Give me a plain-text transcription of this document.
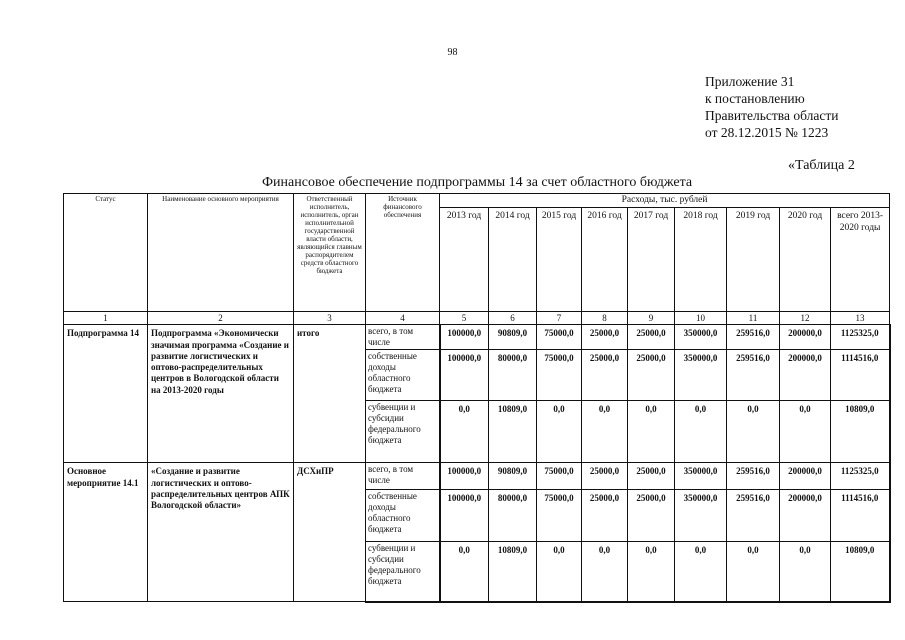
98
Приложение 31
к постановлению
Правительства области
от 28.12.2015 № 1223
«Таблица 2
Финансовое обеспечение подпрограммы 14 за счет областного бюджета
Статус	Наименование основного мероприятия	Ответственный исполнитель, исполнитель, орган исполнительной государственной власти области, являющийся главным распорядителем средств областного бюджета	Источник финансового обеспечения	Расходы, тыс. рублей								
				2013 год	2014 год	2015 год	2016 год	2017 год	2018 год	2019 год	2020 год	всего 2013-2020 годы
1	2	3	4	5	6	7	8	9	10	11	12	13
Подпрограмма 14	Подпрограмма «Экономически значимая программа «Создание и развитие логистических и оптово-распределительных центров в Вологодской области на 2013-2020 годы	итого	всего, в том числе	100000,0	90809,0	75000,0	25000,0	25000,0	350000,0	259516,0	200000,0	1125325,0
			собственные доходы областного бюджета	100000,0	80000,0	75000,0	25000,0	25000,0	350000,0	259516,0	200000,0	1114516,0
			субвенции и субсидии федерального бюджета	0,0	10809,0	0,0	0,0	0,0	0,0	0,0	0,0	10809,0
Основное мероприятие 14.1	«Создание и развитие логистических и оптово-распределительных центров АПК Вологодской области»	ДСХиПР	всего, в том числе	100000,0	90809,0	75000,0	25000,0	25000,0	350000,0	259516,0	200000,0	1125325,0
			собственные доходы областного бюджета	100000,0	80000,0	75000,0	25000,0	25000,0	350000,0	259516,0	200000,0	1114516,0
			субвенции и субсидии федерального бюджета	0,0	10809,0	0,0	0,0	0,0	0,0	0,0	0,0	10809,0
